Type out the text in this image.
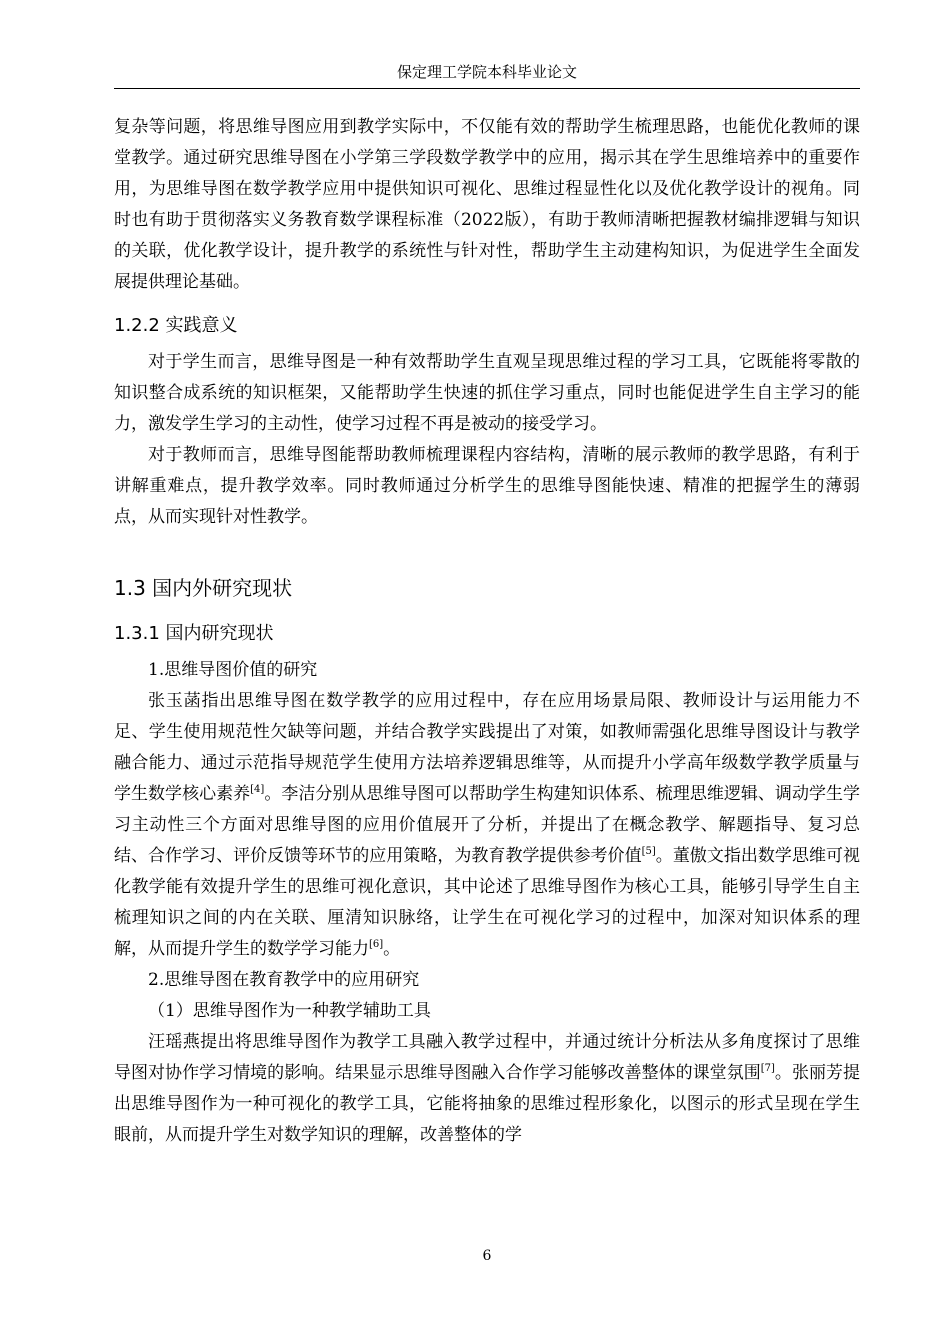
保定理工学院本科毕业论文

复杂等问题，将思维导图应用到教学实际中，不仅能有效的帮助学生梳理思路，也能优化教师的课堂教学。通过研究思维导图在小学第三学段数学教学中的应用，揭示其在学生思维培养中的重要作用，为思维导图在数学教学应用中提供知识可视化、思维过程显性化以及优化教学设计的视角。同时也有助于贯彻落实义务教育数学课程标准（2022版），有助于教师清晰把握教材编排逻辑与知识的关联，优化教学设计，提升教学的系统性与针对性，帮助学生主动建构知识，为促进学生全面发展提供理论基础。

1.2.2 实践意义

对于学生而言，思维导图是一种有效帮助学生直观呈现思维过程的学习工具，它既能将零散的知识整合成系统的知识框架，又能帮助学生快速的抓住学习重点，同时也能促进学生自主学习的能力，激发学生学习的主动性，使学习过程不再是被动的接受学习。

对于教师而言，思维导图能帮助教师梳理课程内容结构，清晰的展示教师的教学思路，有利于讲解重难点，提升教学效率。同时教师通过分析学生的思维导图能快速、精准的把握学生的薄弱点，从而实现针对性教学。

1.3 国内外研究现状
1.3.1 国内研究现状

1.思维导图价值的研究

张玉菡指出思维导图在数学教学的应用过程中，存在应用场景局限、教师设计与运用能力不足、学生使用规范性欠缺等问题，并结合教学实践提出了对策，如教师需强化思维导图设计与教学融合能力、通过示范指导规范学生使用方法培养逻辑思维等，从而提升小学高年级数学教学质量与学生数学核心素养[4]。李洁分别从思维导图可以帮助学生构建知识体系、梳理思维逻辑、调动学生学习主动性三个方面对思维导图的应用价值展开了分析，并提出了在概念教学、解题指导、复习总结、合作学习、评价反馈等环节的应用策略，为教育教学提供参考价值[5]。董傲文指出数学思维可视化教学能有效提升学生的思维可视化意识，其中论述了思维导图作为核心工具，能够引导学生自主梳理知识之间的内在关联、厘清知识脉络，让学生在可视化学习的过程中，加深对知识体系的理解，从而提升学生的数学学习能力[6]。

2.思维导图在教育教学中的应用研究

（1）思维导图作为一种教学辅助工具

汪瑶燕提出将思维导图作为教学工具融入教学过程中，并通过统计分析法从多角度探讨了思维导图对协作学习情境的影响。结果显示思维导图融入合作学习能够改善整体的课堂氛围[7]。张丽芳提出思维导图作为一种可视化的教学工具，它能将抽象的思维过程形象化，以图示的形式呈现在学生眼前，从而提升学生对数学知识的理解，改善整体的学

6
